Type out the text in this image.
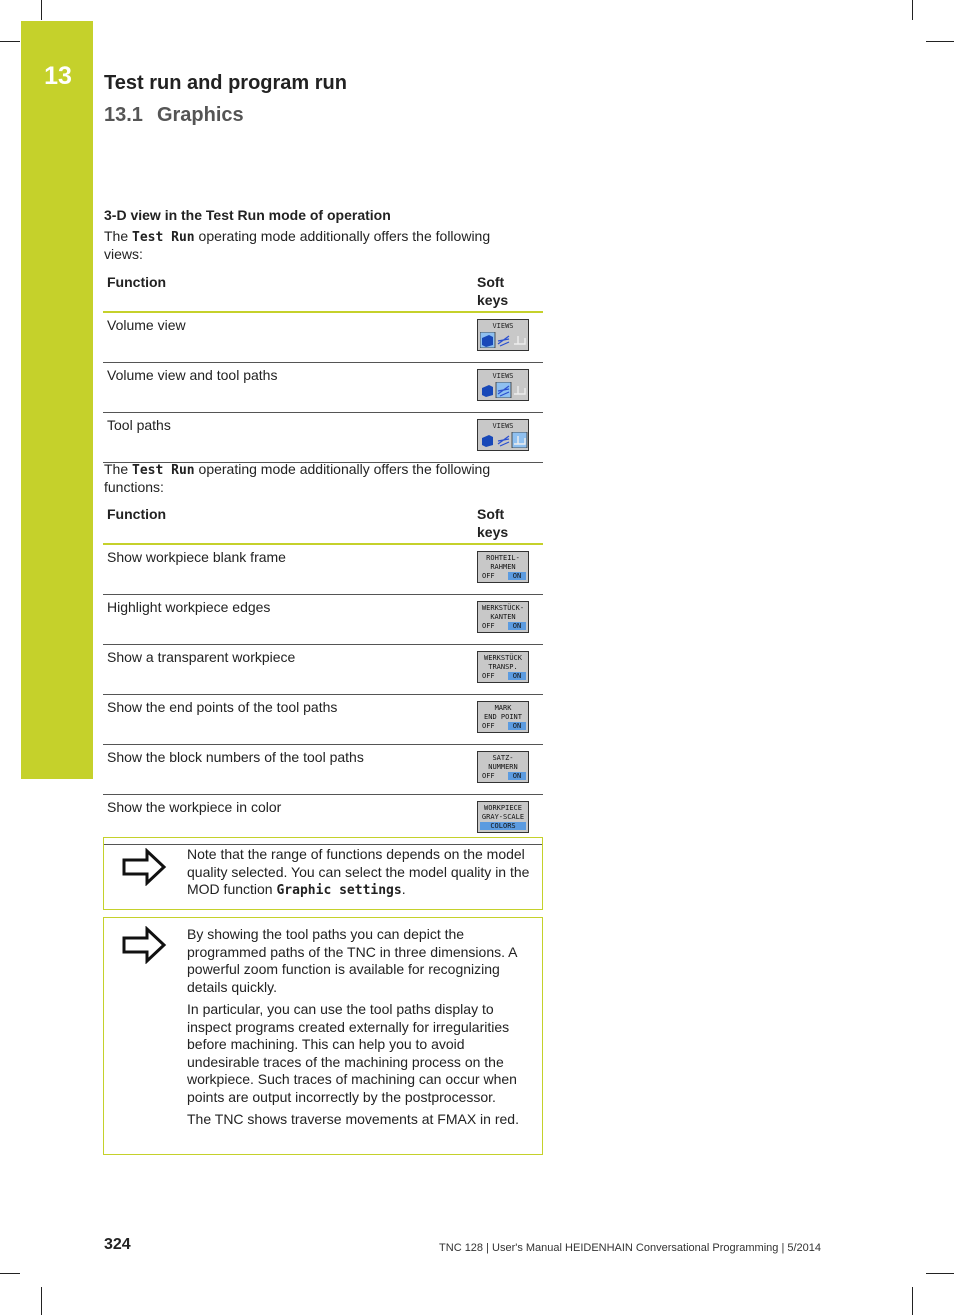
13	Test run and program run
13.1 Graphics
3-D view in the Test Run mode of operation
The Test Run operating mode additionally offers the following views:
Function	Soft keys
Volume view	VIEWS

Volume view and tool paths	VIEWS

Tool paths	VIEWS
The Test Run operating mode additionally offers the following functions:
Function	Soft keys
Show workpiece blank frame	ROHTEIL-
RAHMEN
OFF ON

Highlight workpiece edges	WERKSTÜCK-
KANTEN
OFF ON

Show a transparent workpiece	WERKSTÜCK
TRANSP.
OFF ON

Show the end points of the tool paths	MARK
END POINT
OFF ON

Show the block numbers of the tool paths	SATZ-
NUMMERN
OFF ON

Show the workpiece in color	WORKPIECE
GRAY-SCALE
COLORS

Note that the range of functions depends on the model quality selected. You can select the model quality in the MOD function Graphic settings.

By showing the tool paths you can depict the programmed paths of the TNC in three dimensions. A powerful zoom function is available for recognizing details quickly.

In particular, you can use the tool paths display to inspect programs created externally for irregularities before machining. This can help you to avoid undesirable traces of the machining process on the workpiece. Such traces of machining can occur when points are output incorrectly by the postprocessor.

The TNC shows traverse movements at FMAX in red.

324	TNC 128 | User's Manual HEIDENHAIN Conversational Programming | 5/2014
